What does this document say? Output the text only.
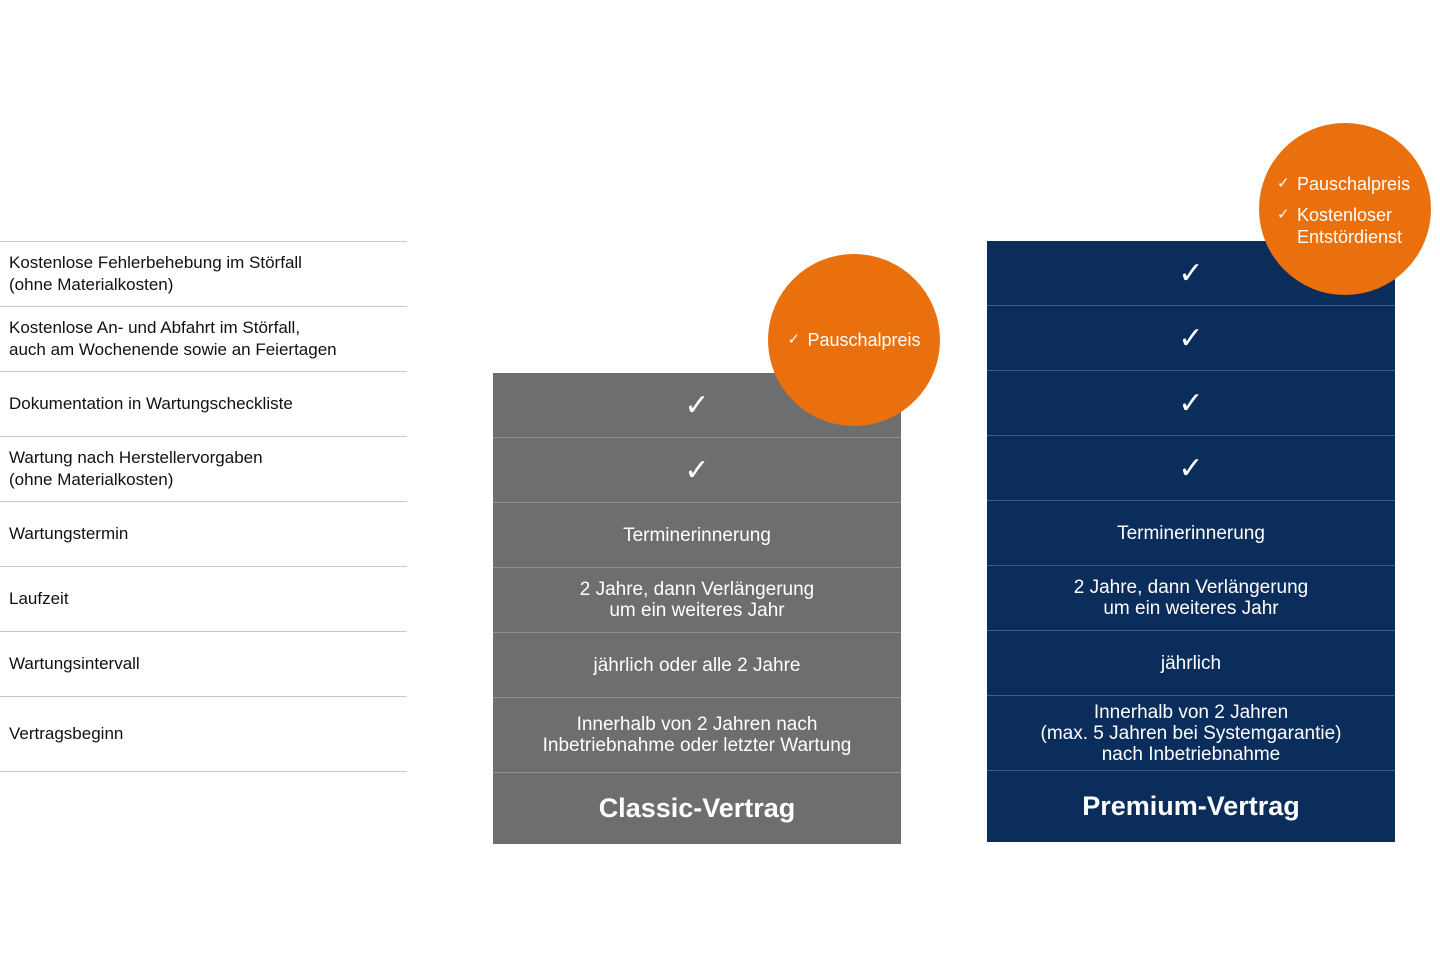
Kostenlose Fehlerbehebung im Störfall
(ohne Materialkosten)
Kostenlose An- und Abfahrt im Störfall,
auch am Wochenende sowie an Feiertagen
Dokumentation in Wartungscheckliste
Wartung nach Herstellervorgaben
(ohne Materialkosten)
Wartungstermin
Laufzeit
Wartungsintervall
Vertragsbeginn
✓
✓
Terminerinnerung
2 Jahre, dann Verlängerung
um ein weiteres Jahr
jährlich oder alle 2 Jahre
Innerhalb von 2 Jahren nach
Inbetriebnahme oder letzter Wartung
Classic-Vertrag
✓
✓
✓
✓
Terminerinnerung
2 Jahre, dann Verlängerung
um ein weiteres Jahr
jährlich
Innerhalb von 2 Jahren
(max. 5 Jahren bei Systemgarantie)
nach Inbetriebnahme
Premium-Vertrag
✓ Pauschalpreis
✓ Pauschalpreis
✓ Kostenloser
Entstördienst
